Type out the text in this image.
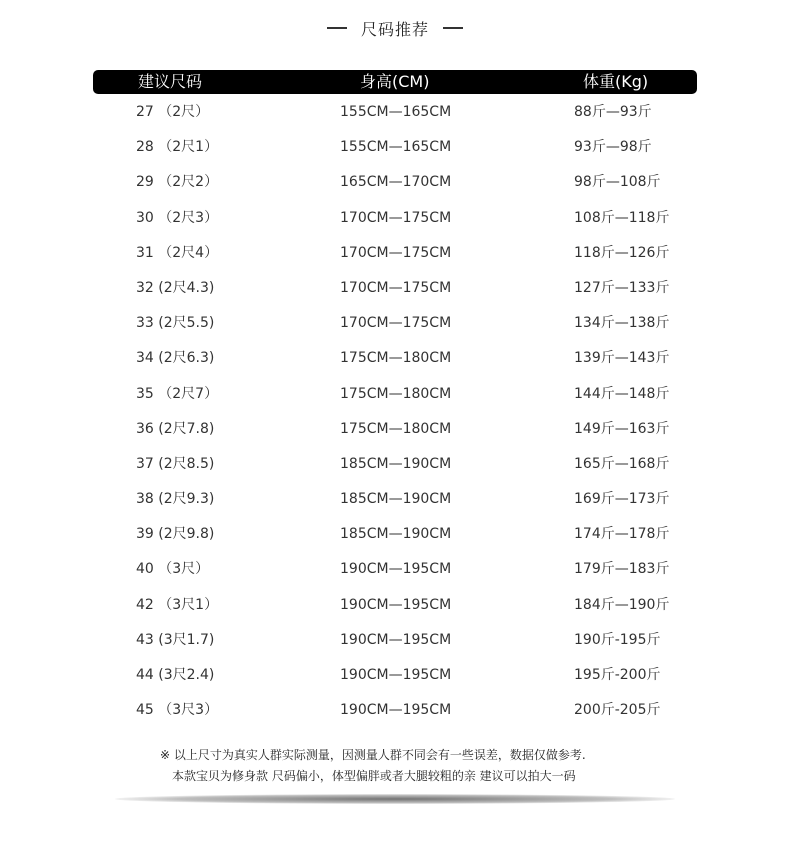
尺码推荐
建议尺码	身高(CM)	体重(Kg)
27 （2尺）	155CM—165CM	88斤—93斤
28 （2尺1）	155CM—165CM	93斤—98斤
29 （2尺2）	165CM—170CM	98斤—108斤
30 （2尺3）	170CM—175CM	108斤—118斤
31 （2尺4）	170CM—175CM	118斤—126斤
32 (2尺4.3)	170CM—175CM	127斤—133斤
33 (2尺5.5)	170CM—175CM	134斤—138斤
34 (2尺6.3)	175CM—180CM	139斤—143斤
35 （2尺7）	175CM—180CM	144斤—148斤
36 (2尺7.8)	175CM—180CM	149斤—163斤
37 (2尺8.5)	185CM—190CM	165斤—168斤
38 (2尺9.3)	185CM—190CM	169斤—173斤
39 (2尺9.8)	185CM—190CM	174斤—178斤
40 （3尺）	190CM—195CM	179斤—183斤
42 （3尺1）	190CM—195CM	184斤—190斤
43 (3尺1.7)	190CM—195CM	190斤-195斤
44 (3尺2.4)	190CM—195CM	195斤-200斤
45 （3尺3）	190CM—195CM	200斤-205斤
※ 以上尺寸为真实人群实际测量，因测量人群不同会有一些误差，数据仅做参考.
本款宝贝为修身款 尺码偏小，体型偏胖或者大腿较粗的亲 建议可以拍大一码
